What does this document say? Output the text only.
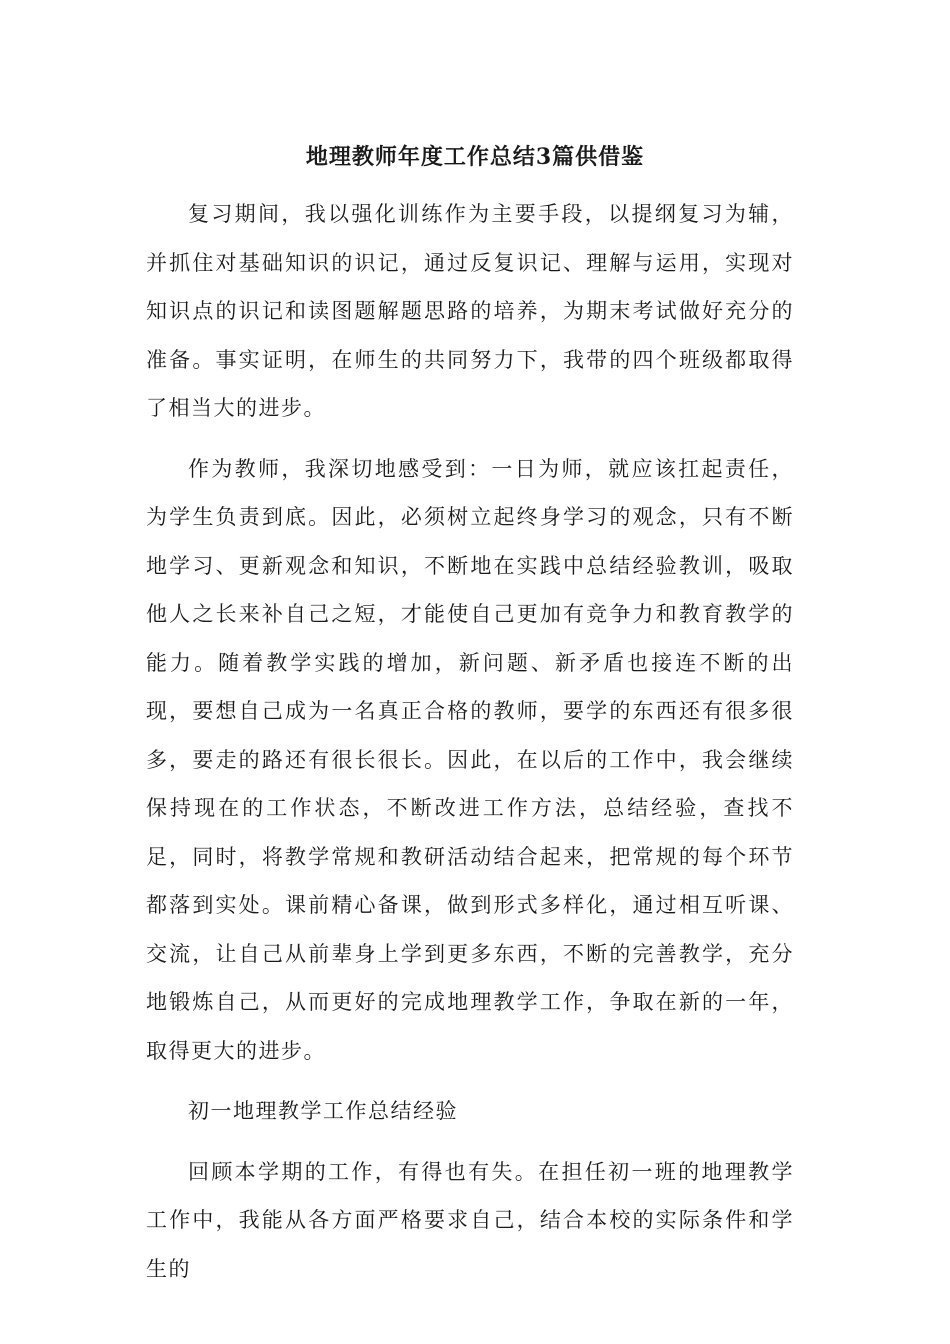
地理教师年度工作总结3篇供借鉴

复习期间，我以强化训练作为主要手段，以提纲复习为辅，并抓住对基础知识的识记，通过反复识记、理解与运用，实现对知识点的识记和读图题解题思路的培养，为期末考试做好充分的准备。事实证明，在师生的共同努力下，我带的四个班级都取得了相当大的进步。

作为教师，我深切地感受到：一日为师，就应该扛起责任，为学生负责到底。因此，必须树立起终身学习的观念，只有不断地学习、更新观念和知识，不断地在实践中总结经验教训，吸取他人之长来补自己之短，才能使自己更加有竞争力和教育教学的能力。随着教学实践的增加，新问题、新矛盾也接连不断的出现，要想自己成为一名真正合格的教师，要学的东西还有很多很多，要走的路还有很长很长。因此，在以后的工作中，我会继续保持现在的工作状态，不断改进工作方法，总结经验，查找不足，同时，将教学常规和教研活动结合起来，把常规的每个环节都落到实处。课前精心备课，做到形式多样化，通过相互听课、交流，让自己从前辈身上学到更多东西，不断的完善教学，充分地锻炼自己，从而更好的完成地理教学工作，争取在新的一年，取得更大的进步。

初一地理教学工作总结经验

回顾本学期的工作，有得也有失。在担任初一班的地理教学工作中，我能从各方面严格要求自己，结合本校的实际条件和学生的
